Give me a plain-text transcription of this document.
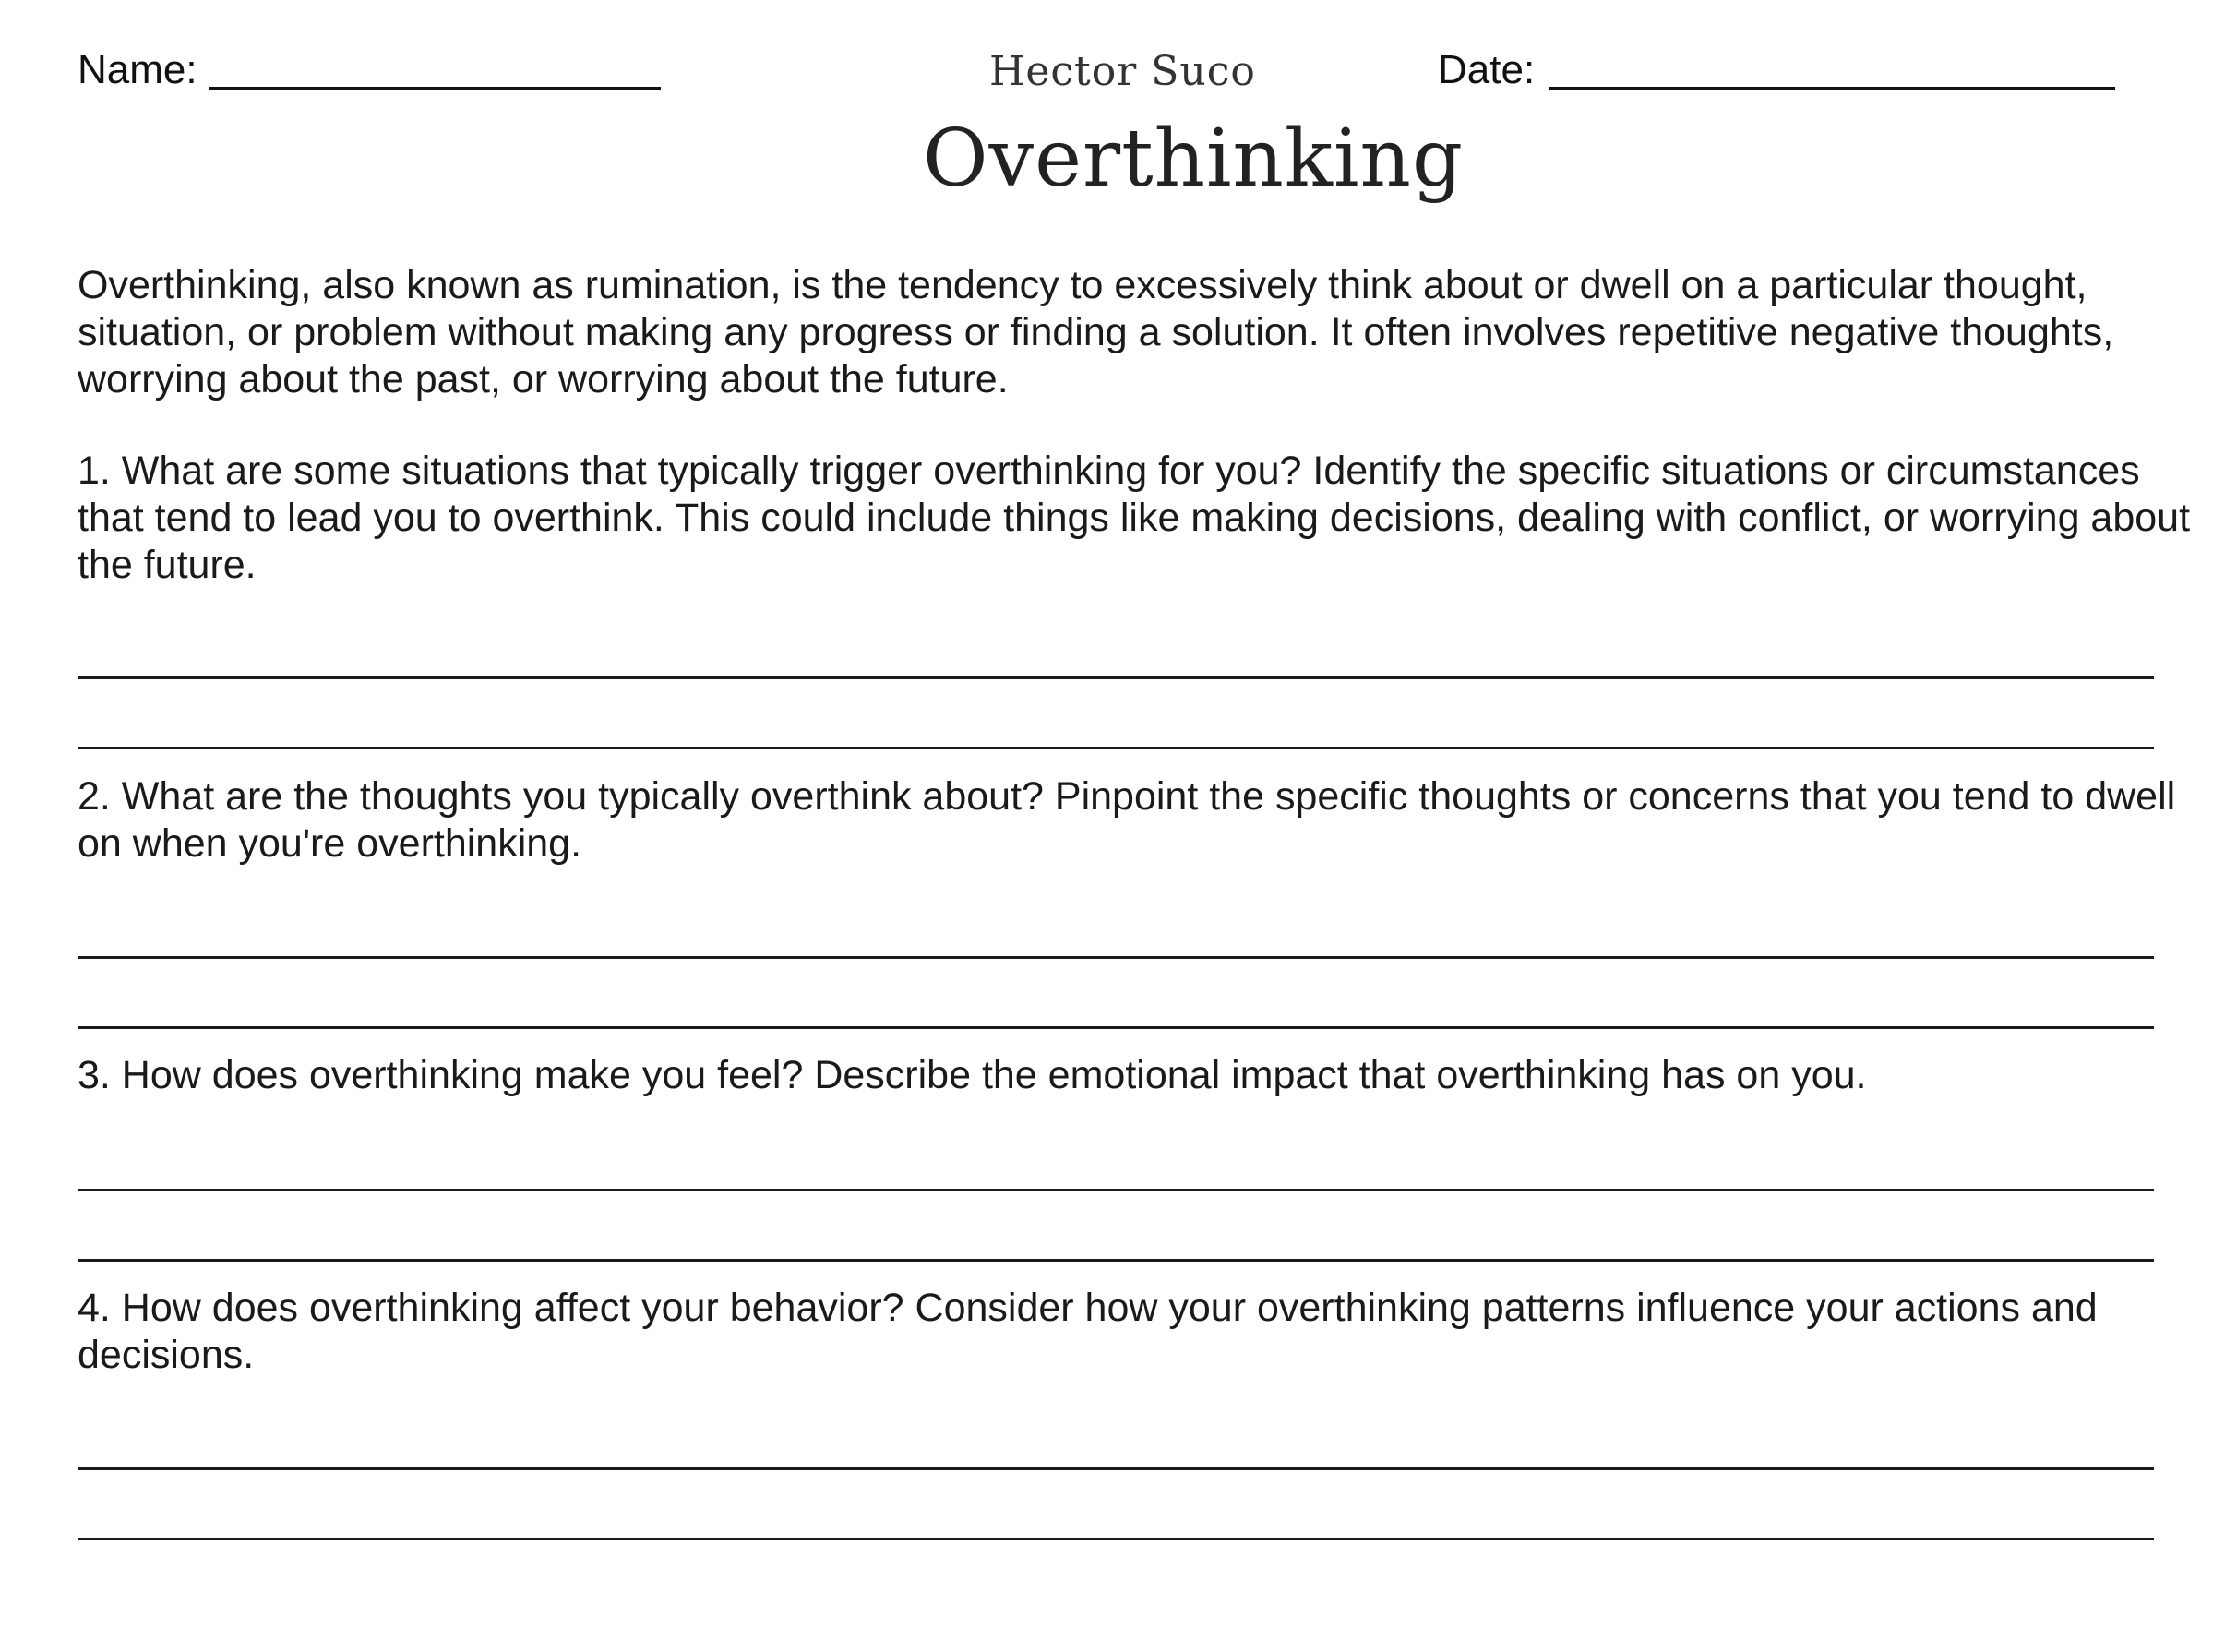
Name:	Hector Suco	Date:
Overthinking
Overthinking, also known as rumination, is the tendency to excessively think about or dwell on a particular thought, situation, or problem without making any progress or finding a solution. It often involves repetitive negative thoughts, worrying about the past, or worrying about the future.
1. What are some situations that typically trigger overthinking for you? Identify the specific situations or circumstances that tend to lead you to overthink. This could include things like making decisions, dealing with conflict, or worrying about the future.
2. What are the thoughts you typically overthink about? Pinpoint the specific thoughts or concerns that you tend to dwell on when you're overthinking.
3. How does overthinking make you feel? Describe the emotional impact that overthinking has on you.
4. How does overthinking affect your behavior? Consider how your overthinking patterns influence your actions and decisions.
